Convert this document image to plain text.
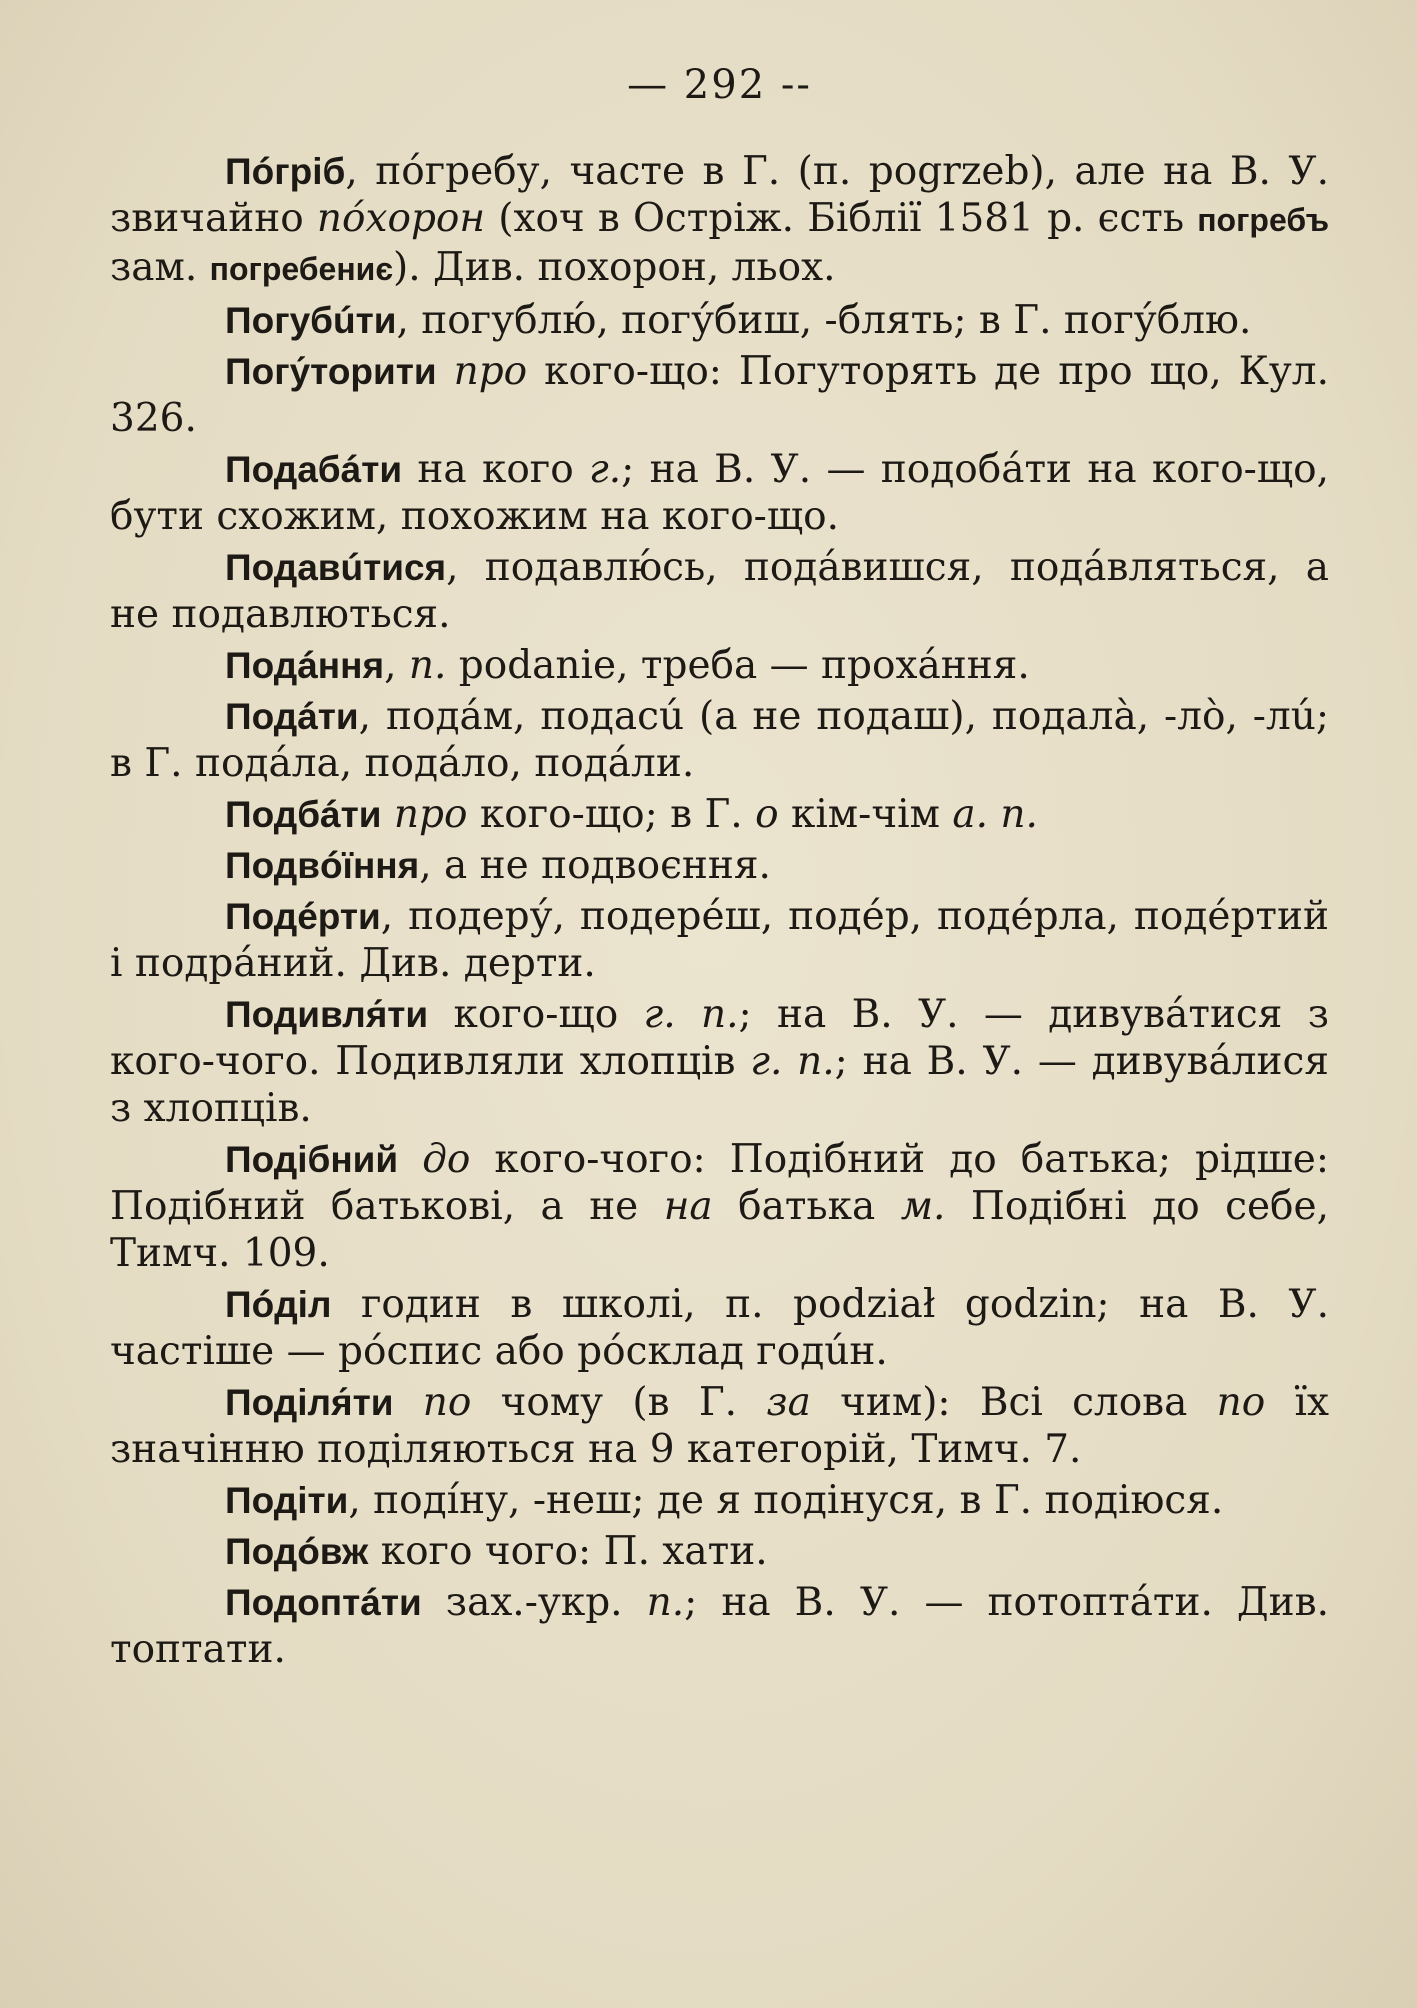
— 292 --

Пóгріб, пóгребу, часте в Г. (п. pogrzeb), але на В. У. звичайно пóхорон (хоч в Остріж. Біблії 1581 р. єсть погребъ зам. погребениє). Див. похорон, льох.

Погубúти, погублю́, погу́биш, -блять; в Г. погу́блю.

Погу́торити про кого-що: Погуторять де про що, Кул. 326.

Подабáти на кого г.; на В. У. — подобáти на кого-що, бути схожим, похожим на кого-що.

Подавúтися, подавлю́сь, подáвишся, подáвляться, а не подавлються.

Подáння, п. podanie, треба — прохáння.

Подáти, подáм, подасú (а не подаш), подалà, -лò, -лú; в Г. подáла, подáло, подáли.

Подбáти про кого-що; в Г. о кім-чім а. п.

Подвóїння, а не подвоєння.

Подéрти, подеру́, подерéш, подéр, подéрла, подéртий і подрáний. Див. дерти.

Подивля́ти кого-що г. п.; на В. У. — дивувáтися з кого-чого. Подивляли хлопців г. п.; на В. У. — дивувáлися з хлопців.

Подібний до кого-чого: Подібний до батька; рідше: Подібний батькові, а не на батька м. Подібні до себе, Тимч. 109.

Пóділ годин в школі, п. podział godzin; на В. У. частіше — рóспис або рóсклад годúн.

Поділя́ти по чому (в Г. за чим): Всі слова по їх значінню поділяються на 9 категорій, Тимч. 7.

Подіти, подíну, -неш; де я подінуся, в Г. подіюся.

Подóвж кого чого: П. хати.

Подоптáти зах.-укр. п.; на В. У. — потоптáти. Див. топтати.
